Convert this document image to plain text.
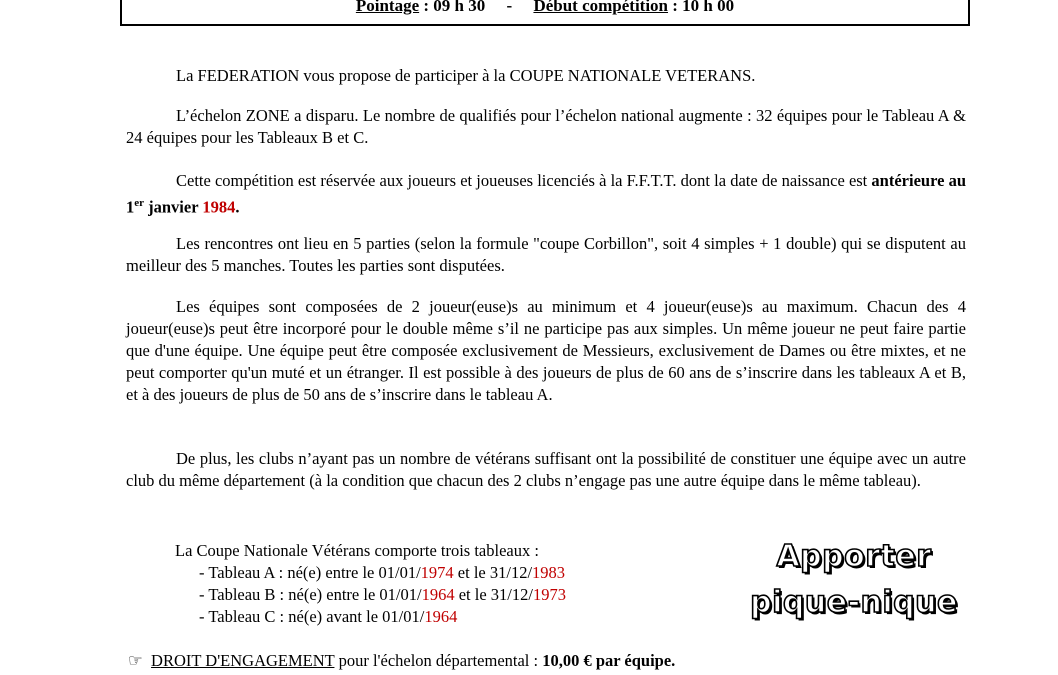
Pointage : 09 h 30 - Début compétition : 10 h 00
La FEDERATION vous propose de participer à la COUPE NATIONALE VETERANS.
L’échelon ZONE a disparu. Le nombre de qualifiés pour l’échelon national augmente : 32 équipes pour le Tableau A & 24 équipes pour les Tableaux B et C.
Cette compétition est réservée aux joueurs et joueuses licenciés à la F.F.T.T. dont la date de naissance est antérieure au 1er janvier 1984.
Les rencontres ont lieu en 5 parties (selon la formule "coupe Corbillon", soit 4 simples + 1 double) qui se disputent au meilleur des 5 manches. Toutes les parties sont disputées.
Les équipes sont composées de 2 joueur(euse)s au minimum et 4 joueur(euse)s au maximum. Chacun des 4 joueur(euse)s peut être incorporé pour le double même s’il ne participe pas aux simples. Un même joueur ne peut faire partie que d'une équipe. Une équipe peut être composée exclusivement de Messieurs, exclusivement de Dames ou être mixtes, et ne peut comporter qu'un muté et un étranger. Il est possible à des joueurs de plus de 60 ans de s’inscrire dans les tableaux A et B, et à des joueurs de plus de 50 ans de s’inscrire dans le tableau A.
De plus, les clubs n’ayant pas un nombre de vétérans suffisant ont la possibilité de constituer une équipe avec un autre club du même département (à la condition que chacun des 2 clubs n’engage pas une autre équipe dans le même tableau).
La Coupe Nationale Vétérans comporte trois tableaux :
- Tableau A : né(e) entre le 01/01/1974 et le 31/12/1983
- Tableau B : né(e) entre le 01/01/1964 et le 31/12/1973
- Tableau C : né(e) avant le 01/01/1964
Apporter
pique-nique
☞ DROIT D'ENGAGEMENT pour l'échelon départemental : 10,00 € par équipe.
